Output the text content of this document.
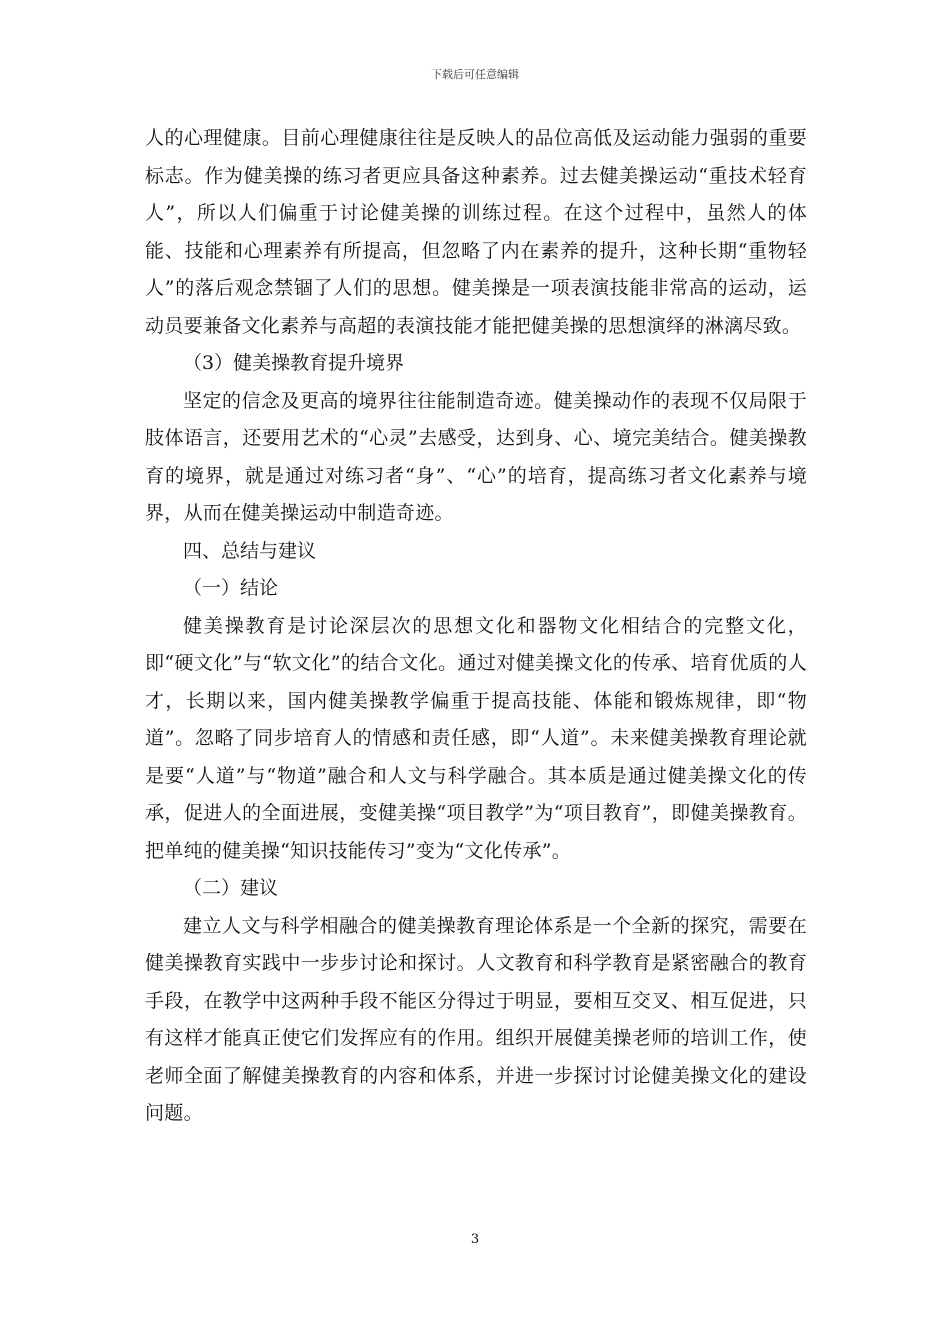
下载后可任意编辑

人的心理健康。目前心理健康往往是反映人的品位高低及运动能力强弱的重要标志。作为健美操的练习者更应具备这种素养。过去健美操运动“重技术轻育人”，所以人们偏重于讨论健美操的训练过程。在这个过程中，虽然人的体能、技能和心理素养有所提高，但忽略了内在素养的提升，这种长期“重物轻人”的落后观念禁锢了人们的思想。健美操是一项表演技能非常高的运动，运动员要兼备文化素养与高超的表演技能才能把健美操的思想演绎的淋漓尽致。

（3）健美操教育提升境界

坚定的信念及更高的境界往往能制造奇迹。健美操动作的表现不仅局限于肢体语言，还要用艺术的“心灵”去感受，达到身、心、境完美结合。健美操教育的境界，就是通过对练习者“身”、“心”的培育，提高练习者文化素养与境界，从而在健美操运动中制造奇迹。

四、总结与建议

（一）结论

健美操教育是讨论深层次的思想文化和器物文化相结合的完整文化，即“硬文化”与“软文化”的结合文化。通过对健美操文化的传承、培育优质的人才，长期以来，国内健美操教学偏重于提高技能、体能和锻炼规律，即“物道”。忽略了同步培育人的情感和责任感，即“人道”。未来健美操教育理论就是要“人道”与“物道”融合和人文与科学融合。其本质是通过健美操文化的传承，促进人的全面进展，变健美操“项目教学”为“项目教育”，即健美操教育。把单纯的健美操“知识技能传习”变为“文化传承”。

（二）建议

建立人文与科学相融合的健美操教育理论体系是一个全新的探究，需要在健美操教育实践中一步步讨论和探讨。人文教育和科学教育是紧密融合的教育手段，在教学中这两种手段不能区分得过于明显，要相互交叉、相互促进，只有这样才能真正使它们发挥应有的作用。组织开展健美操老师的培训工作，使老师全面了解健美操教育的内容和体系，并进一步探讨讨论健美操文化的建设问题。

3
